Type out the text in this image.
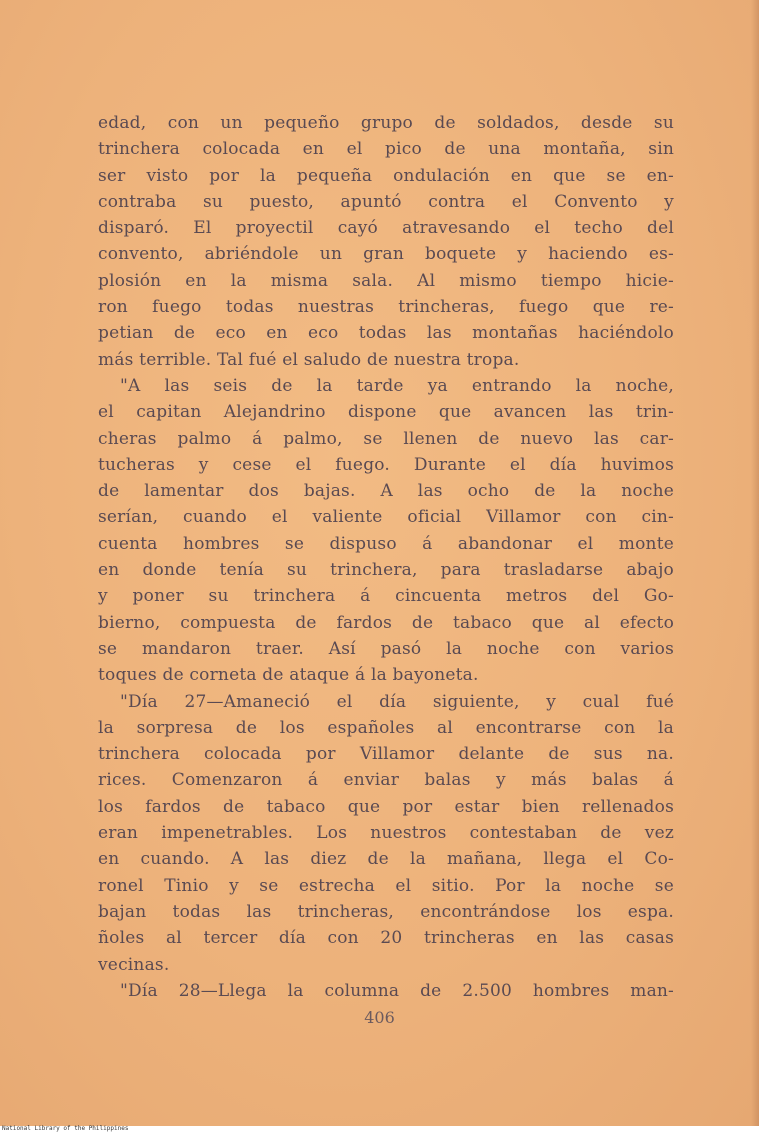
edad, con un pequeño grupo de soldados, desde su
trinchera colocada en el pico de una montaña, sin
ser visto por la pequeña ondulación en que se en-
contraba su puesto, apuntó contra el Convento y
disparó. El proyectil cayó atravesando el techo del
convento, abriéndole un gran boquete y haciendo es-
plosión en la misma sala. Al mismo tiempo hicie-
ron fuego todas nuestras trincheras, fuego que re-
petian de eco en eco todas las montañas haciéndolo
más terrible. Tal fué el saludo de nuestra tropa.
"A las seis de la tarde ya entrando la noche,
el capitan Alejandrino dispone que avancen las trin-
cheras palmo á palmo, se llenen de nuevo las car-
tucheras y cese el fuego. Durante el día huvimos
de lamentar dos bajas. A las ocho de la noche
serían, cuando el valiente oficial Villamor con cin-
cuenta hombres se dispuso á abandonar el monte
en donde tenía su trinchera, para trasladarse abajo
y poner su trinchera á cincuenta metros del Go-
bierno, compuesta de fardos de tabaco que al efecto
se mandaron traer. Así pasó la noche con varios
toques de corneta de ataque á la bayoneta.
"Día 27—Amaneció el día siguiente, y cual fué
la sorpresa de los españoles al encontrarse con la
trinchera colocada por Villamor delante de sus na.
rices. Comenzaron á enviar balas y más balas á
los fardos de tabaco que por estar bien rellenados
eran impenetrables. Los nuestros contestaban de vez
en cuando. A las diez de la mañana, llega el Co-
ronel Tinio y se estrecha el sitio. Por la noche se
bajan todas las trincheras, encontrándose los espa.
ñoles al tercer día con 20 trincheras en las casas
vecinas.
"Día 28—Llega la columna de 2.500 hombres man-
406
National Library of the Philippines
